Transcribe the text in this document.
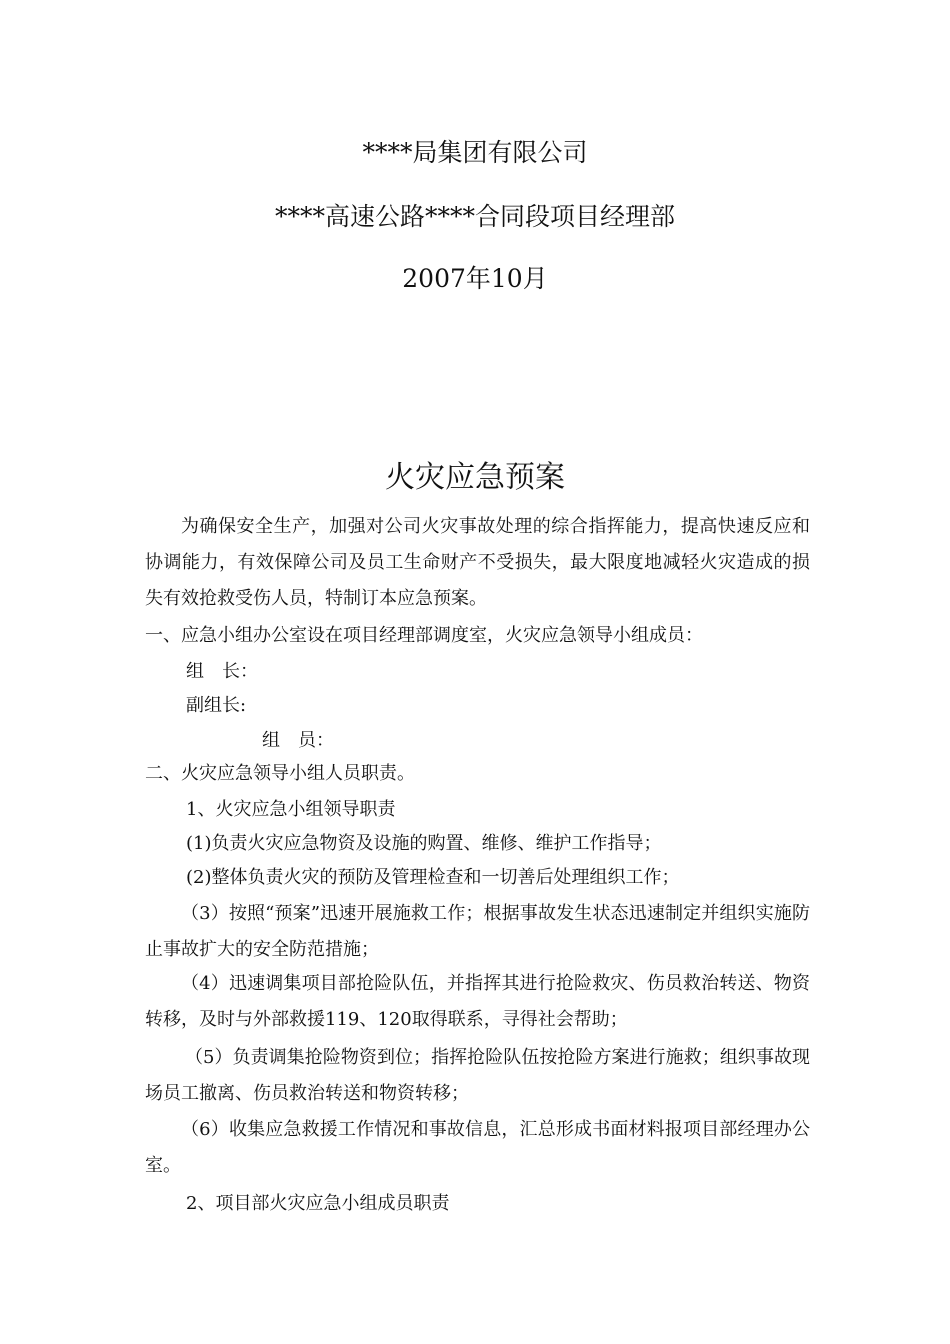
****局集团有限公司
****高速公路****合同段项目经理部
2007年10月
火灾应急预案
为确保安全生产，加强对公司火灾事故处理的综合指挥能力，提高快速反应和协调能力，有效保障公司及员工生命财产不受损失，最大限度地减轻火灾造成的损失有效抢救受伤人员，特制订本应急预案。
一、应急小组办公室设在项目经理部调度室，火灾应急领导小组成员：
组　长：
副组长:
组　员：
二、火灾应急领导小组人员职责。
1、火灾应急小组领导职责
(1)负责火灾应急物资及设施的购置、维修、维护工作指导；
(2)整体负责火灾的预防及管理检查和一切善后处理组织工作；
（3）按照“预案”迅速开展施救工作；根据事故发生状态迅速制定并组织实施防止事故扩大的安全防范措施；
（4）迅速调集项目部抢险队伍，并指挥其进行抢险救灾、伤员救治转送、物资转移，及时与外部救援119、120取得联系，寻得社会帮助；
（5）负责调集抢险物资到位；指挥抢险队伍按抢险方案进行施救；组织事故现场员工撤离、伤员救治转送和物资转移；
（6）收集应急救援工作情况和事故信息，汇总形成书面材料报项目部经理办公室。
2、项目部火灾应急小组成员职责
